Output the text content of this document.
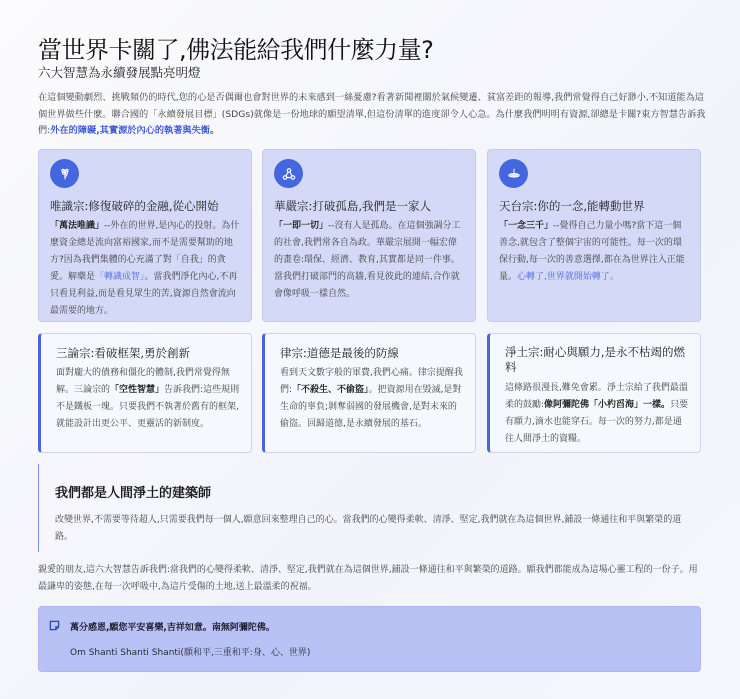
當世界卡關了,佛法能給我們什麼力量?
六大智慧為永續發展點亮明燈

在這個變動劇烈、挑戰頻仍的時代,您的心是否偶爾也會對世界的未來感到一絲憂慮?看著新聞裡關於氣候變遷、貧富差距的報導,我們常覺得自己好渺小,不知道能為這個世界做些什麼。聯合國的「永續發展目標」(SDGs)就像是一份地球的願望清單,但這份清單的進度卻令人心急。為什麼我們明明有資源,卻總是卡關?東方智慧告訴我們:外在的障礙,其實源於內心的執著與失衡。

唯識宗:修復破碎的金融,從心開始
「萬法唯識」--外在的世界,是內心的投射。為什麼資金總是流向富裕國家,而不是需要幫助的地方?因為我們集體的心充滿了對「自我」的貪愛。解藥是「轉識成智」。當我們淨化內心,不再只看見利益,而是看見眾生的苦,資源自然會流向最需要的地方。
華嚴宗:打破孤島,我們是一家人
「一即一切」--沒有人是孤島。在這個強調分工的社會,我們常各自為政。華嚴宗展開一幅宏偉的畫卷:環保、經濟、教育,其實都是同一件事。當我們打破部門的高牆,看見彼此的連結,合作就會像呼吸一樣自然。
天台宗:你的一念,能轉動世界
「一念三千」--覺得自己力量小嗎?當下這一個善念,就包含了整個宇宙的可能性。每一次的環保行動,每一次的善意選擇,都在為世界注入正能量。心轉了,世界就開始轉了。
三論宗:看破框架,勇於創新
面對龐大的債務和僵化的體制,我們常覺得無解。三論宗的「空性智慧」告訴我們:這些規則不是鐵板一塊。只要我們不執著於舊有的框架,就能設計出更公平、更靈活的新制度。
律宗:道德是最後的防線
看到天文數字般的軍費,我們心痛。律宗提醒我們:「不殺生、不偷盜」。把資源用在毀滅,是對生命的辜負;剝奪弱國的發展機會,是對未來的偷盜。回歸道德,是永續發展的基石。
淨土宗:耐心與願力,是永不枯竭的燃料
這條路很漫長,難免會累。淨土宗給了我們最溫柔的鼓勵:像阿彌陀佛「小杓舀海」一樣。只要有願力,滴水也能穿石。每一次的努力,都是通往人間淨土的資糧。
我們都是人間淨土的建築師

改變世界,不需要等待超人,只需要我們每一個人,願意回來整理自己的心。當我們的心變得柔軟、清淨、堅定,我們就在為這個世界,鋪設一條通往和平與繁榮的道路。

親愛的朋友,這六大智慧告訴我們:當我們的心變得柔軟、清淨、堅定,我們就在為這個世界,鋪設一條通往和平與繁榮的道路。願我們都能成為這場心靈工程的一份子。用最謙卑的姿態,在每一次呼吸中,為這片受傷的土地,送上最溫柔的祝福。

萬分感恩,願您平安喜樂,吉祥如意。南無阿彌陀佛。
Om Shanti Shanti Shanti(願和平,三重和平:身、心、世界)
